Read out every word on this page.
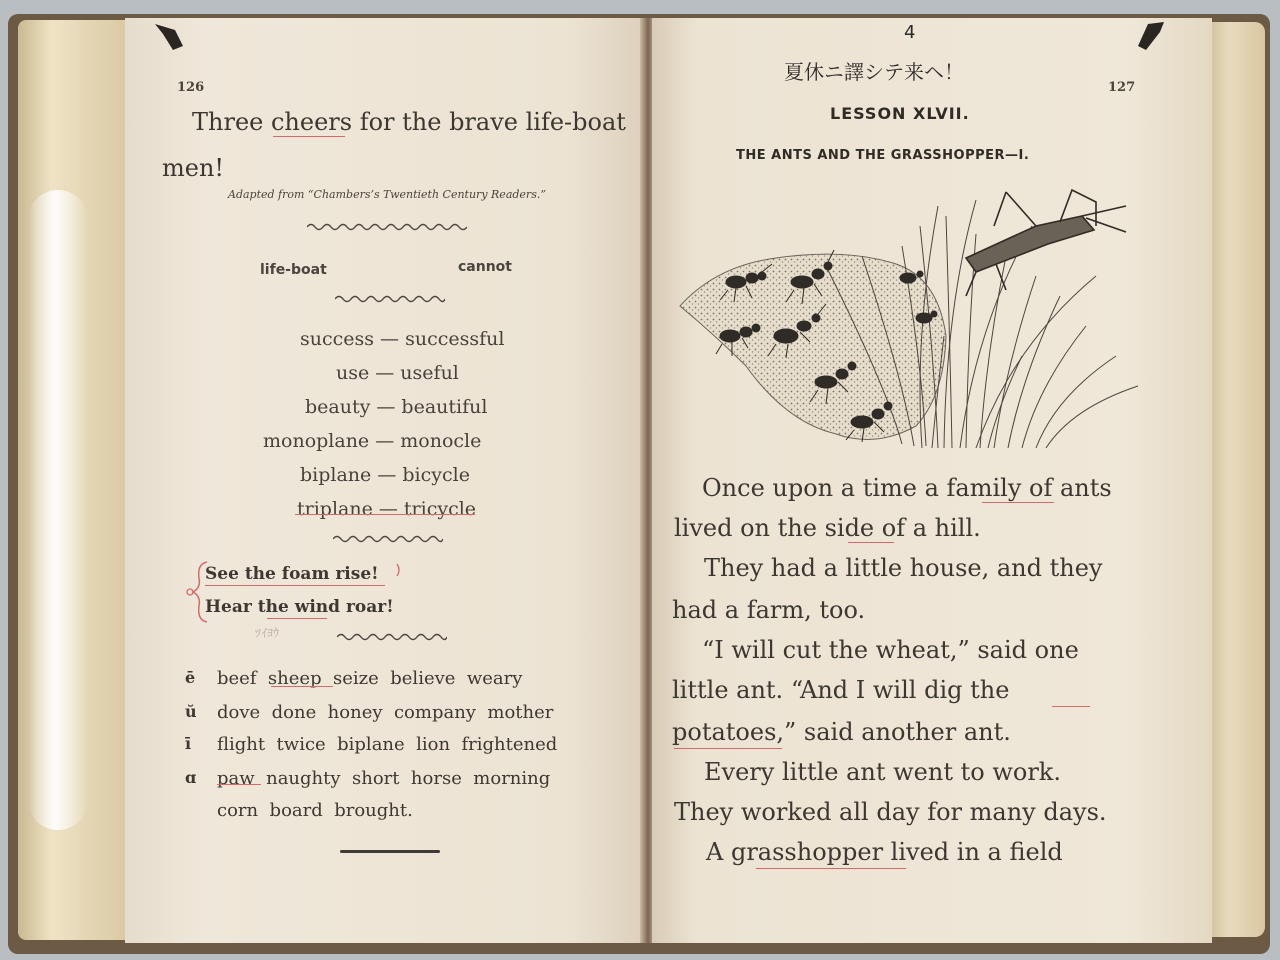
126
Three cheers for the brave life-boat
men!
Adapted from “Chambers’s Twentieth Century Readers.”
life-boat	cannot
success — successful
use — useful
beauty — beautiful
monoplane — monocle
biplane — bicycle
triplane — tricycle
See the foam rise!
Hear the wind roar!
ﾂｲﾖｳ
ē beef  sheep  seize  believe  weary
ŭ dove  done  honey  company  mother
ī flight  twice  biplane  lion  frightened
ɑ paw  naughty  short  horse  morning
corn  board  brought.
4
夏休ニ譯シテ来ヘ！
127
LESSON XLVII.
THE ANTS AND THE GRASSHOPPER—I.
Once upon a time a family of ants
lived on the side of a hill.
They had a little house, and they
had a farm, too.
“I will cut the wheat,” said one
little ant. “And I will dig the
potatoes,” said another ant.
Every little ant went to work.
They worked all day for many days.
A grasshopper lived in a field
